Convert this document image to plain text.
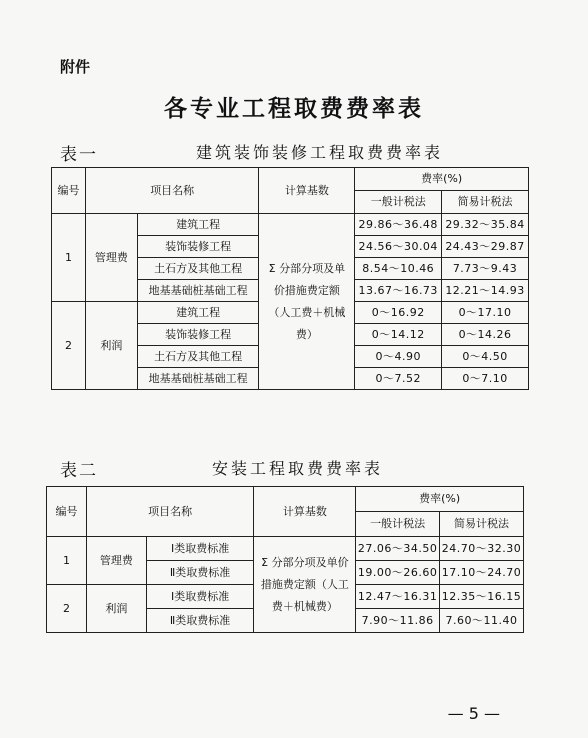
附件
各专业工程取费费率表
表一	建筑装饰装修工程取费费率表
编号	项目名称		计算基数	费率(%)	
				一般计税法	简易计税法
1	管理费	建筑工程	Σ 分部分项及单价措施费定额（人工费＋机械费）	29.86～36.48	29.32～35.84
		装饰装修工程		24.56～30.04	24.43～29.87
		土石方及其他工程		8.54～10.46	7.73～9.43
		地基基础桩基础工程		13.67～16.73	12.21～14.93
2	利润	建筑工程		0～16.92	0～17.10
		装饰装修工程		0～14.12	0～14.26
		土石方及其他工程		0～4.90	0～4.50
		地基基础桩基础工程		0～7.52	0～7.10
表二	安装工程取费费率表
编号	项目名称		计算基数	费率(%)	
				一般计税法	简易计税法
1	管理费	Ⅰ类取费标准	Σ 分部分项及单价措施费定额（人工费＋机械费）	27.06～34.50	24.70～32.30
		Ⅱ类取费标准		19.00～26.60	17.10～24.70
2	利润	Ⅰ类取费标准		12.47～16.31	12.35～16.15
		Ⅱ类取费标准		7.90～11.86	7.60～11.40
— 5 —
